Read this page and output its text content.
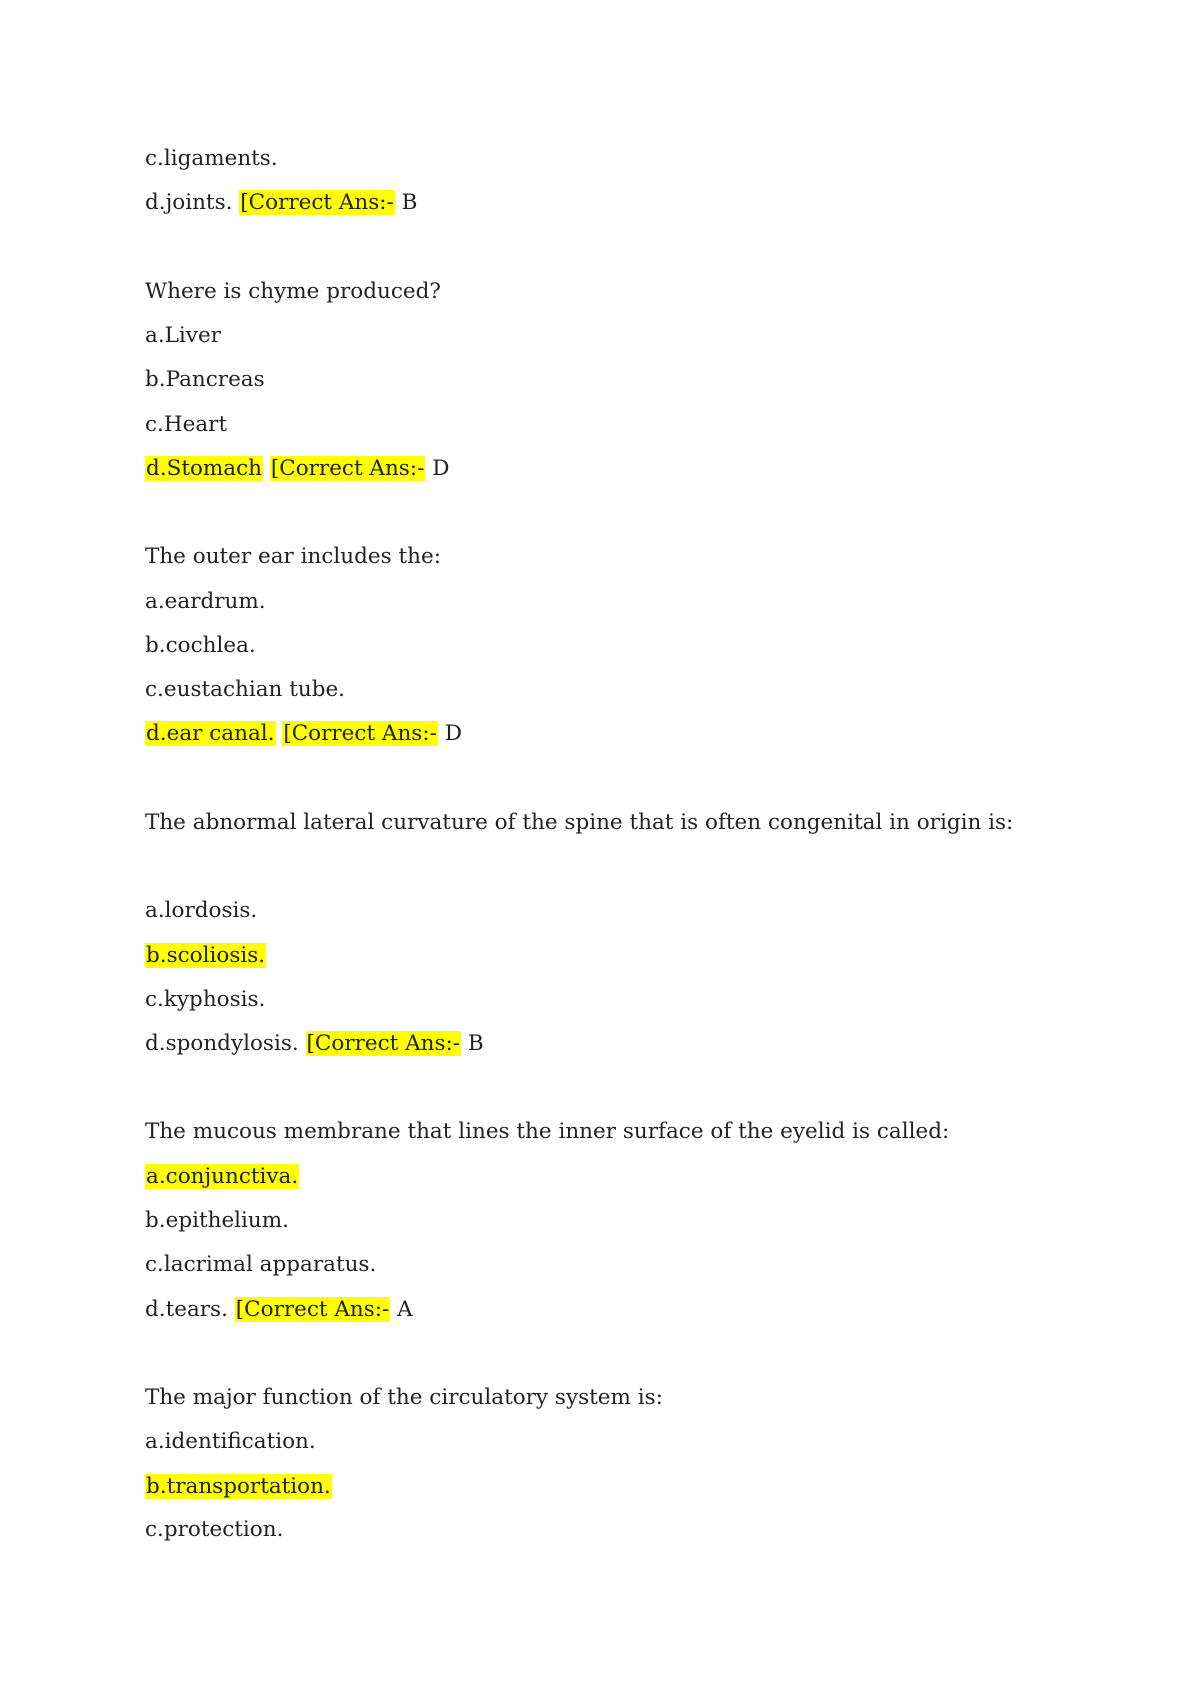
c.ligaments.
d.joints. [Correct Ans:- B
Where is chyme produced?
a.Liver
b.Pancreas
c.Heart
d.Stomach [Correct Ans:- D
The outer ear includes the:
a.eardrum.
b.cochlea.
c.eustachian tube.
d.ear canal. [Correct Ans:- D
The abnormal lateral curvature of the spine that is often congenital in origin is:
a.lordosis.
b.scoliosis.
c.kyphosis.
d.spondylosis. [Correct Ans:- B
The mucous membrane that lines the inner surface of the eyelid is called:
a.conjunctiva.
b.epithelium.
c.lacrimal apparatus.
d.tears. [Correct Ans:- A
The major function of the circulatory system is:
a.identification.
b.transportation.
c.protection.
